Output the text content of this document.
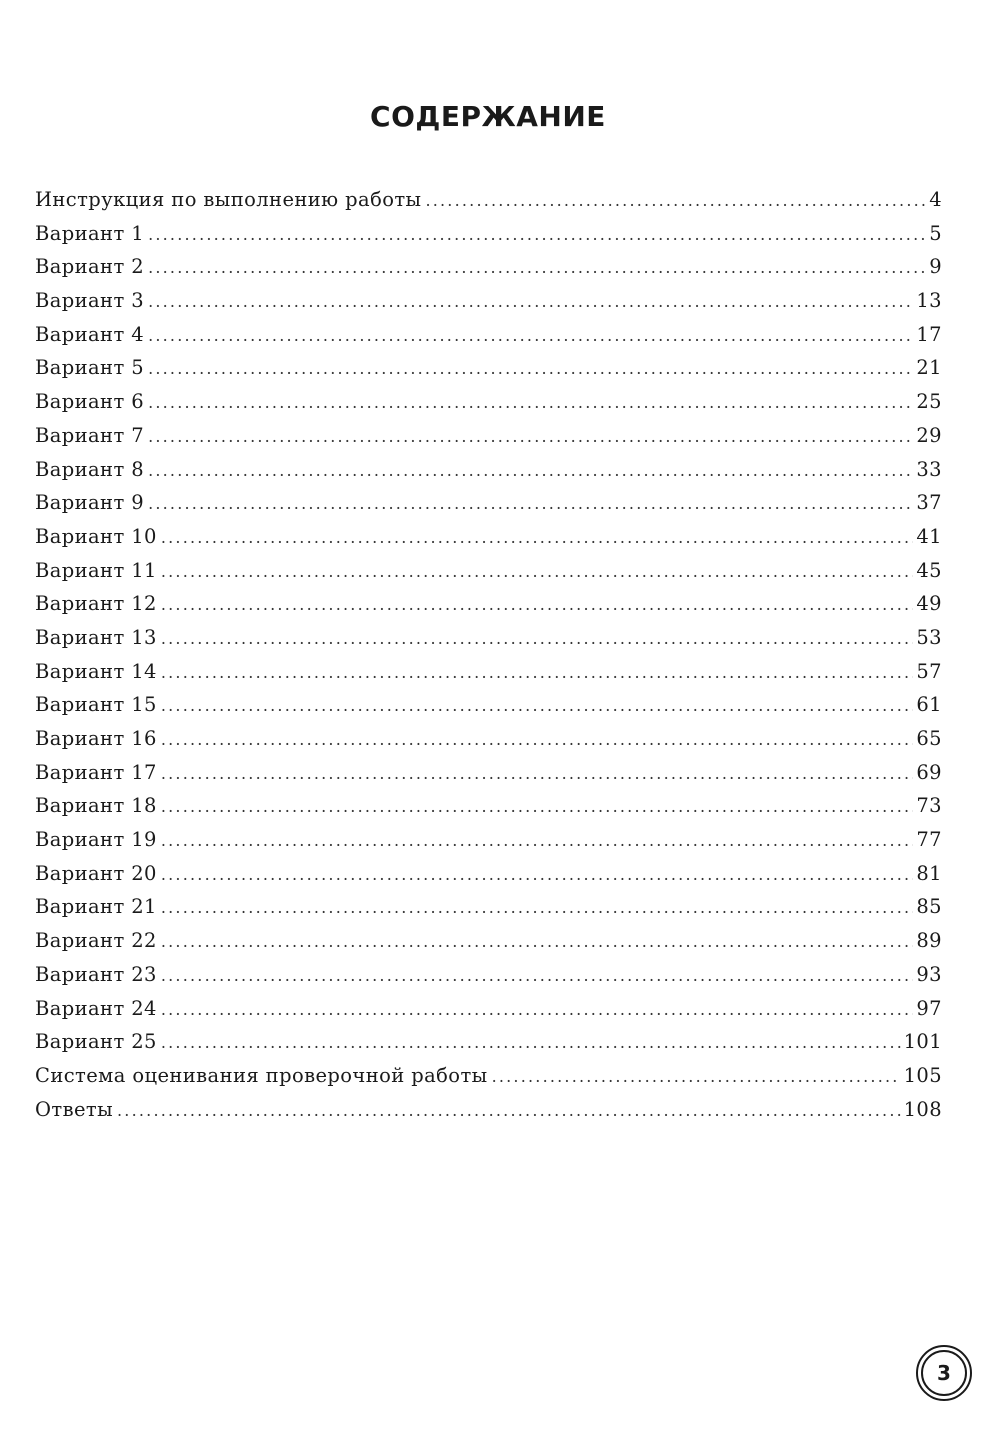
СОДЕРЖАНИЕ
Инструкция по выполнению работы .....	4
Вариант 1 .....	5
Вариант 2 .....	9
Вариант 3 .....	13
Вариант 4 .....	17
Вариант 5 .....	21
Вариант 6 .....	25
Вариант 7 .....	29
Вариант 8 .....	33
Вариант 9 .....	37
Вариант 10 .....	41
Вариант 11 .....	45
Вариант 12 .....	49
Вариант 13 .....	53
Вариант 14 .....	57
Вариант 15 .....	61
Вариант 16 .....	65
Вариант 17 .....	69
Вариант 18 .....	73
Вариант 19 .....	77
Вариант 20 .....	81
Вариант 21 .....	85
Вариант 22 .....	89
Вариант 23 .....	93
Вариант 24 .....	97
Вариант 25 .....	101
Система оценивания проверочной работы .....	105
Ответы .....	108
3
